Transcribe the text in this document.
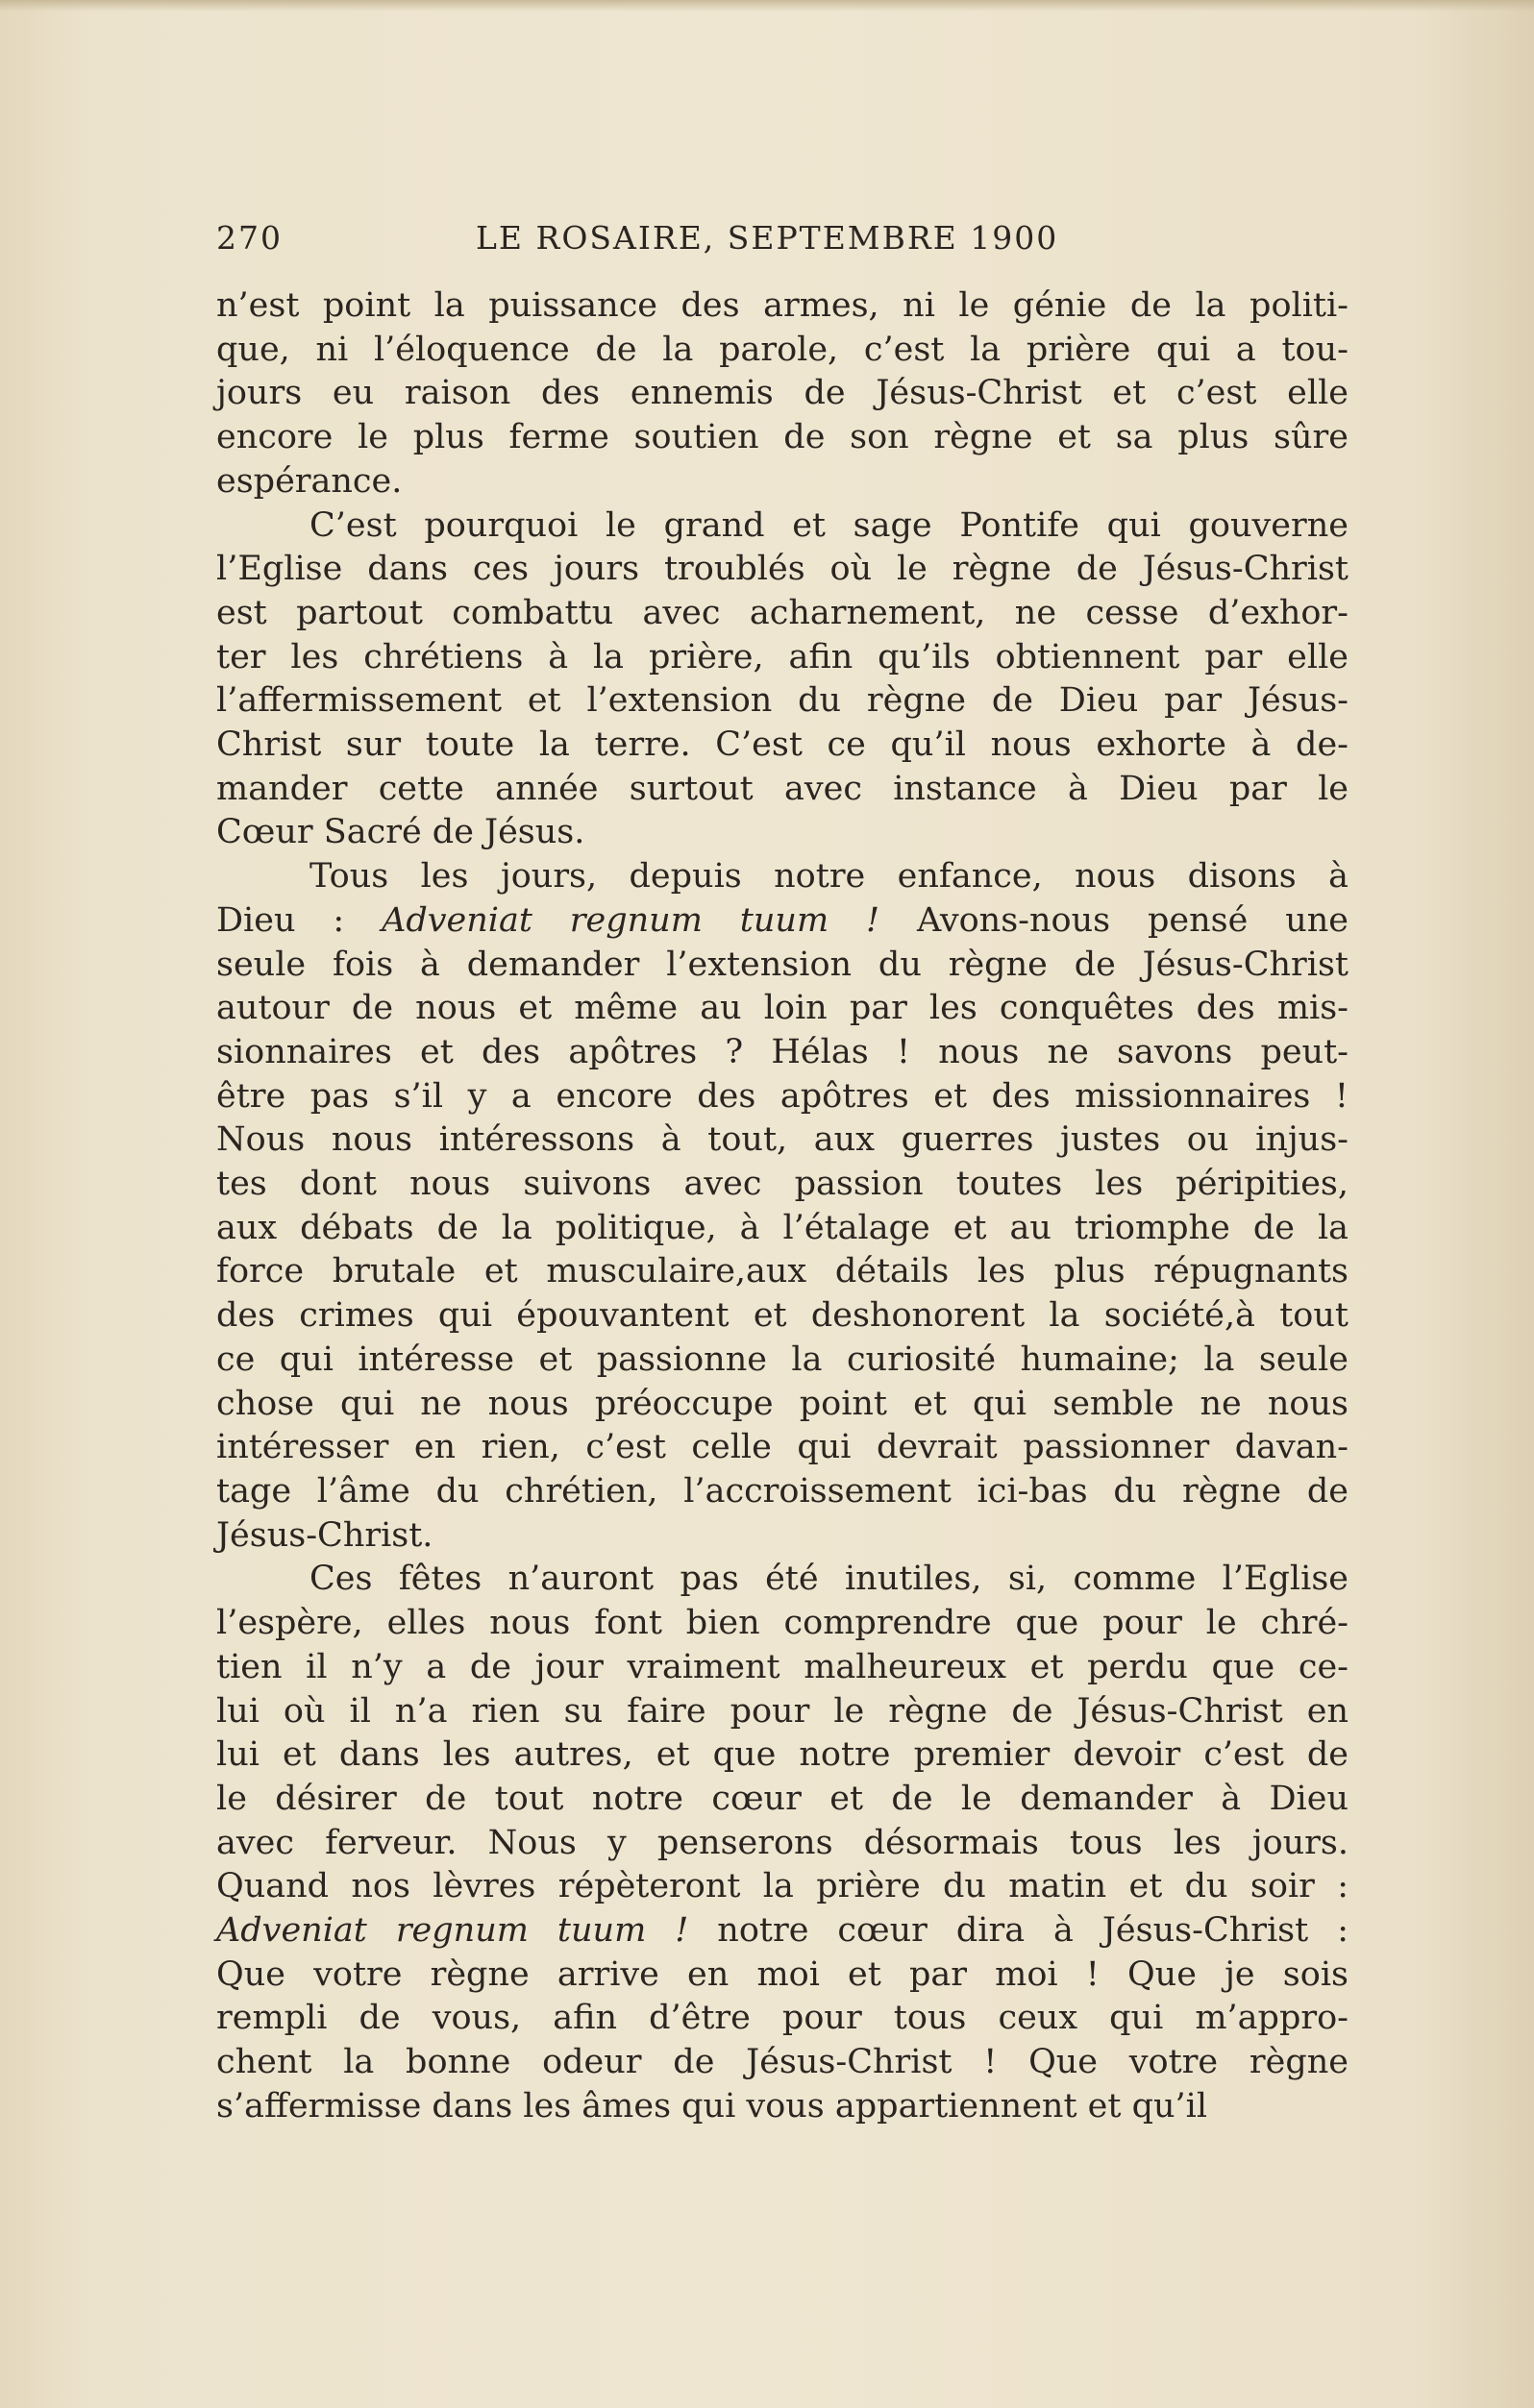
270	LE ROSAIRE, SEPTEMBRE 1900

n’est point la puissance des armes, ni le génie de la politi-
que, ni l’éloquence de la parole, c’est la prière qui a tou-
jours eu raison des ennemis de Jésus-Christ et c’est elle
encore le plus ferme soutien de son règne et sa plus sûre
espérance.

C’est pourquoi le grand et sage Pontife qui gouverne
l’Eglise dans ces jours troublés où le règne de Jésus-Christ
est partout combattu avec acharnement, ne cesse d’exhor-
ter les chrétiens à la prière, afin qu’ils obtiennent par elle
l’affermissement et l’extension du règne de Dieu par Jésus-
Christ sur toute la terre. C’est ce qu’il nous exhorte à de-
mander cette année surtout avec instance à Dieu par le
Cœur Sacré de Jésus.

Tous les jours, depuis notre enfance, nous disons à
Dieu : Adveniat regnum tuum ! Avons-nous pensé une
seule fois à demander l’extension du règne de Jésus-Christ
autour de nous et même au loin par les conquêtes des mis-
sionnaires et des apôtres ? Hélas ! nous ne savons peut-
être pas s’il y a encore des apôtres et des missionnaires !
Nous nous intéressons à tout, aux guerres justes ou injus-
tes dont nous suivons avec passion toutes les péripities,
aux débats de la politique, à l’étalage et au triomphe de la
force brutale et musculaire,aux détails les plus répugnants
des crimes qui épouvantent et deshonorent la société,à tout
ce qui intéresse et passionne la curiosité humaine; la seule
chose qui ne nous préoccupe point et qui semble ne nous
intéresser en rien, c’est celle qui devrait passionner davan-
tage l’âme du chrétien, l’accroissement ici-bas du règne de
Jésus-Christ.

Ces fêtes n’auront pas été inutiles, si, comme l’Eglise
l’espère, elles nous font bien comprendre que pour le chré-
tien il n’y a de jour vraiment malheureux et perdu que ce-
lui où il n’a rien su faire pour le règne de Jésus-Christ en
lui et dans les autres, et que notre premier devoir c’est de
le désirer de tout notre cœur et de le demander à Dieu
avec ferveur. Nous y penserons désormais tous les jours.
Quand nos lèvres répèteront la prière du matin et du soir :
Adveniat regnum tuum ! notre cœur dira à Jésus-Christ :
Que votre règne arrive en moi et par moi ! Que je sois
rempli de vous, afin d’être pour tous ceux qui m’appro-
chent la bonne odeur de Jésus-Christ ! Que votre règne
s’affermisse dans les âmes qui vous appartiennent et qu’il
